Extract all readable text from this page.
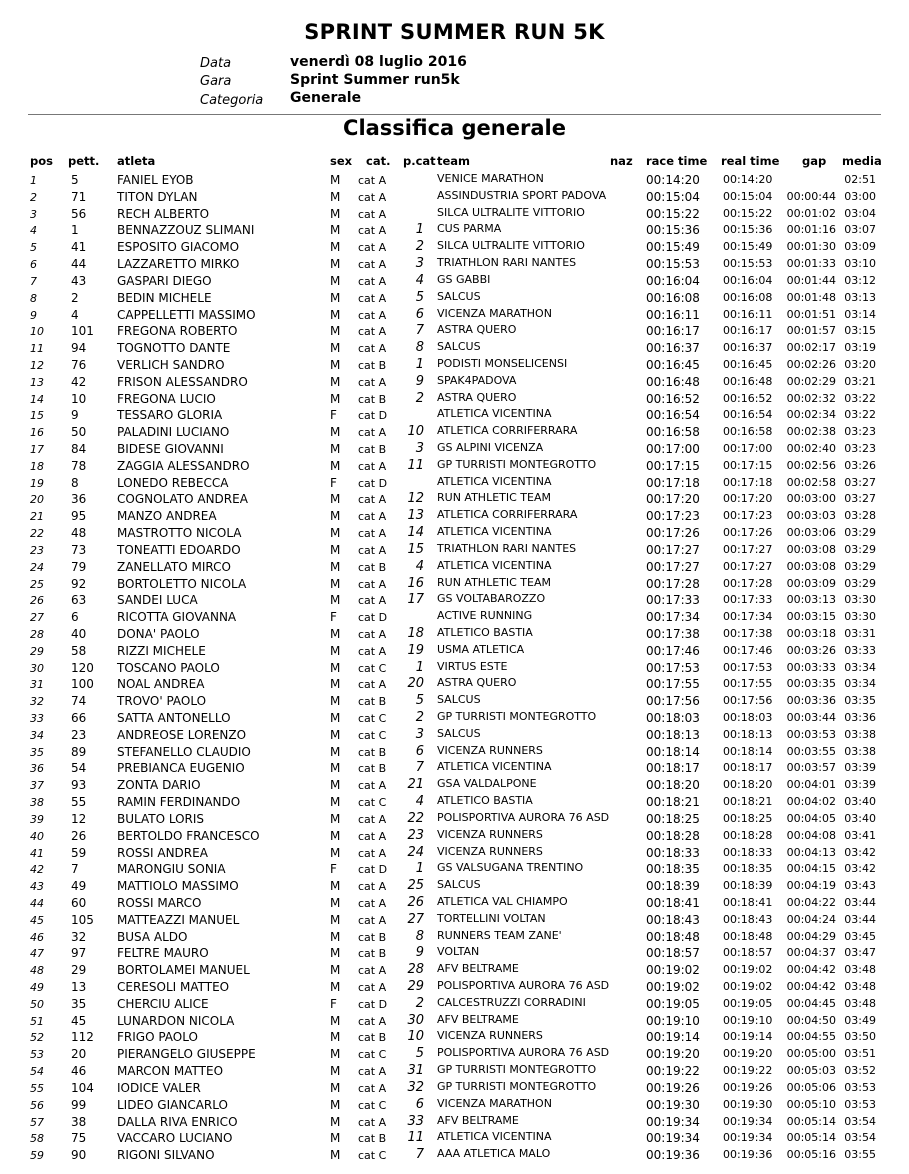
SPRINT SUMMER RUN 5K
Data	venerdì 08 luglio 2016
Gara	Sprint Summer run5k
Categoria Generale
Classifica generale
pos pett. atleta	sex cat. p.cat team	naz race time real time gap media
1	5	FANIEL EYOB	M cat A	VENICE MARATHON	00:14:20 00:14:20	02:51
2	71	TITON DYLAN	M cat A	ASSINDUSTRIA SPORT PADOVA	00:15:04 00:15:04	00:00:44 03:00
3	56	RECH ALBERTO	M cat A	SILCA ULTRALITE VITTORIO	00:15:22 00:15:22	00:01:02 03:04
4	1	BENNAZZOUZ SLIMANI	M cat A	1 CUS PARMA	00:15:36 00:15:36	00:01:16 03:07
5	41	ESPOSITO GIACOMO	M cat A	2 SILCA ULTRALITE VITTORIO	00:15:49 00:15:49	00:01:30 03:09
6	44	LAZZARETTO MIRKO	M cat A	3 TRIATHLON RARI NANTES	00:15:53 00:15:53	00:01:33 03:10
7	43	GASPARI DIEGO	M cat A	4 GS GABBI	00:16:04 00:16:04	00:01:44 03:12
8	2	BEDIN MICHELE	M cat A	5 SALCUS	00:16:08 00:16:08	00:01:48 03:13
9	4	CAPPELLETTI MASSIMO	M cat A	6 VICENZA MARATHON	00:16:11 00:16:11	00:01:51 03:14
10 101 FREGONA ROBERTO	M cat A	7 ASTRA QUERO	00:16:17 00:16:17	00:01:57 03:15
11 94	TOGNOTTO DANTE	M cat A	8 SALCUS	00:16:37 00:16:37	00:02:17 03:19
12 76	VERLICH SANDRO	M cat B	1 PODISTI MONSELICENSI	00:16:45 00:16:45	00:02:26 03:20
13 42	FRISON ALESSANDRO	M cat A	9 SPAK4PADOVA	00:16:48 00:16:48	00:02:29 03:21
14 10	FREGONA LUCIO	M cat B	2 ASTRA QUERO	00:16:52 00:16:52	00:02:32 03:22
15 9	TESSARO GLORIA	F cat D	ATLETICA VICENTINA	00:16:54 00:16:54	00:02:34 03:22
16 50	PALADINI LUCIANO	M cat A	10 ATLETICA CORRIFERRARA	00:16:58 00:16:58	00:02:38 03:23
17 84	BIDESE GIOVANNI	M cat B	3 GS ALPINI VICENZA	00:17:00 00:17:00	00:02:40 03:23
18 78	ZAGGIA ALESSANDRO	M cat A	11 GP TURRISTI MONTEGROTTO	00:17:15 00:17:15	00:02:56 03:26
19 8	LONEDO REBECCA	F cat D	ATLETICA VICENTINA	00:17:18 00:17:18	00:02:58 03:27
20 36	COGNOLATO ANDREA	M cat A	12 RUN ATHLETIC TEAM	00:17:20 00:17:20	00:03:00 03:27
21 95	MANZO ANDREA	M cat A	13 ATLETICA CORRIFERRARA	00:17:23 00:17:23	00:03:03 03:28
22 48	MASTROTTO NICOLA	M cat A	14 ATLETICA VICENTINA	00:17:26 00:17:26	00:03:06 03:29
23 73	TONEATTI EDOARDO	M cat A	15 TRIATHLON RARI NANTES	00:17:27 00:17:27	00:03:08 03:29
24 79	ZANELLATO MIRCO	M cat B	4 ATLETICA VICENTINA	00:17:27 00:17:27	00:03:08 03:29
25 92	BORTOLETTO NICOLA	M cat A	16 RUN ATHLETIC TEAM	00:17:28 00:17:28	00:03:09 03:29
26 63	SANDEI LUCA	M cat A	17 GS VOLTABAROZZO	00:17:33 00:17:33	00:03:13 03:30
27 6	RICOTTA GIOVANNA	F cat D	ACTIVE RUNNING	00:17:34 00:17:34	00:03:15 03:30
28 40	DONA' PAOLO	M cat A	18 ATLETICO BASTIA	00:17:38 00:17:38	00:03:18 03:31
29 58	RIZZI MICHELE	M cat A	19 USMA ATLETICA	00:17:46 00:17:46	00:03:26 03:33
30 120 TOSCANO PAOLO	M cat C	1 VIRTUS ESTE	00:17:53 00:17:53	00:03:33 03:34
31 100 NOAL ANDREA	M cat A	20 ASTRA QUERO	00:17:55 00:17:55	00:03:35 03:34
32 74	TROVO' PAOLO	M cat B	5 SALCUS	00:17:56 00:17:56	00:03:36 03:35
33 66	SATTA ANTONELLO	M cat C	2 GP TURRISTI MONTEGROTTO	00:18:03 00:18:03	00:03:44 03:36
34 23	ANDREOSE LORENZO	M cat C	3 SALCUS	00:18:13 00:18:13	00:03:53 03:38
35 89	STEFANELLO CLAUDIO	M cat B	6 VICENZA RUNNERS	00:18:14 00:18:14	00:03:55 03:38
36 54	PREBIANCA EUGENIO	M cat B	7 ATLETICA VICENTINA	00:18:17 00:18:17	00:03:57 03:39
37 93	ZONTA DARIO	M cat A	21 GSA VALDALPONE	00:18:20 00:18:20	00:04:01 03:39
38 55	RAMIN FERDINANDO	M cat C	4 ATLETICO BASTIA	00:18:21 00:18:21	00:04:02 03:40
39 12	BULATO LORIS	M cat A	22 POLISPORTIVA AURORA 76 ASD	00:18:25 00:18:25	00:04:05 03:40
40 26	BERTOLDO FRANCESCO	M cat A	23 VICENZA RUNNERS	00:18:28 00:18:28	00:04:08 03:41
41 59	ROSSI ANDREA	M cat A	24 VICENZA RUNNERS	00:18:33 00:18:33	00:04:13 03:42
42 7	MARONGIU SONIA	F cat D	1 GS VALSUGANA TRENTINO	00:18:35 00:18:35	00:04:15 03:42
43 49	MATTIOLO MASSIMO	M cat A	25 SALCUS	00:18:39 00:18:39	00:04:19 03:43
44 60	ROSSI MARCO	M cat A	26 ATLETICA VAL CHIAMPO	00:18:41 00:18:41	00:04:22 03:44
45 105 MATTEAZZI MANUEL	M cat A	27 TORTELLINI VOLTAN	00:18:43 00:18:43	00:04:24 03:44
46 32	BUSA ALDO	M cat B	8 RUNNERS TEAM ZANE'	00:18:48 00:18:48	00:04:29 03:45
47 97	FELTRE MAURO	M cat B	9 VOLTAN	00:18:57 00:18:57	00:04:37 03:47
48 29	BORTOLAMEI MANUEL	M cat A	28 AFV BELTRAME	00:19:02 00:19:02	00:04:42 03:48
49 13	CERESOLI MATTEO	M cat A	29 POLISPORTIVA AURORA 76 ASD	00:19:02 00:19:02	00:04:42 03:48
50 35	CHERCIU ALICE	F cat D	2 CALCESTRUZZI CORRADINI	00:19:05 00:19:05	00:04:45 03:48
51 45	LUNARDON NICOLA	M cat A	30 AFV BELTRAME	00:19:10 00:19:10	00:04:50 03:49
52 112 FRIGO PAOLO	M cat B	10 VICENZA RUNNERS	00:19:14 00:19:14	00:04:55 03:50
53 20	PIERANGELO GIUSEPPE	M cat C	5 POLISPORTIVA AURORA 76 ASD	00:19:20 00:19:20	00:05:00 03:51
54 46	MARCON MATTEO	M cat A	31 GP TURRISTI MONTEGROTTO	00:19:22 00:19:22	00:05:03 03:52
55 104 IODICE VALER	M cat A	32 GP TURRISTI MONTEGROTTO	00:19:26 00:19:26	00:05:06 03:53
56 99	LIDEO GIANCARLO	M cat C	6 VICENZA MARATHON	00:19:30 00:19:30	00:05:10 03:53
57 38	DALLA RIVA ENRICO	M cat A	33 AFV BELTRAME	00:19:34 00:19:34	00:05:14 03:54
58 75	VACCARO LUCIANO	M cat B	11 ATLETICA VICENTINA	00:19:34 00:19:34	00:05:14 03:54
59 90	RIGONI SILVANO	M cat C	7 AAA ATLETICA MALO	00:19:36 00:19:36	00:05:16 03:55
